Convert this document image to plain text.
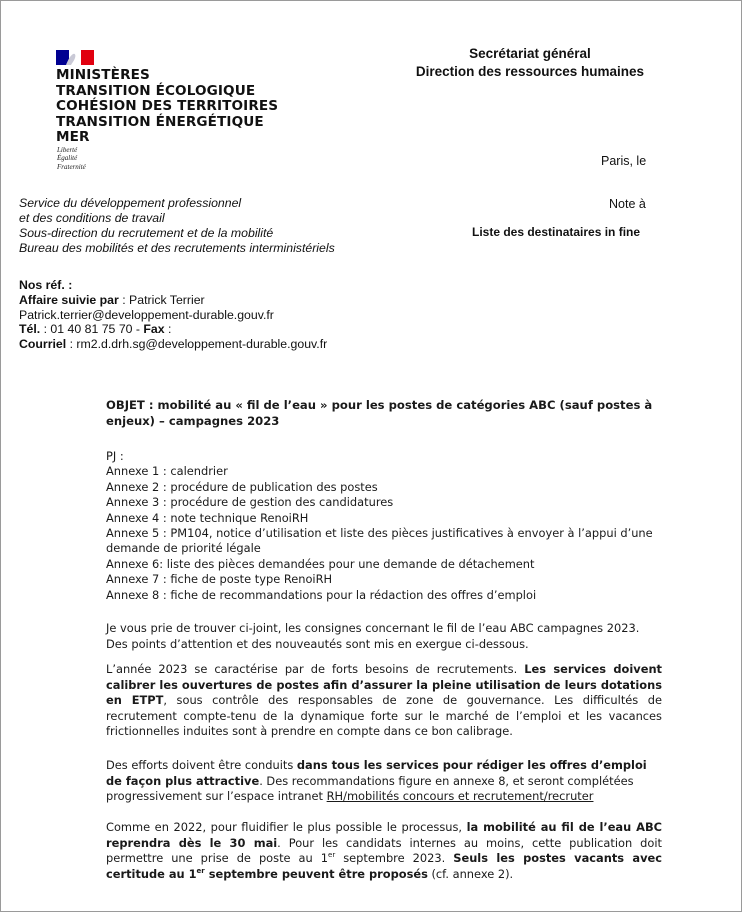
MINISTÈRES
TRANSITION ÉCOLOGIQUE
COHÉSION DES TERRITOIRES
TRANSITION ÉNERGÉTIQUE
MER
Liberté
Égalité
Fraternité
Secrétariat général
Direction des ressources humaines
Paris, le
Note à
Liste des destinataires in fine
Service du développement professionnel
et des conditions de travail
Sous-direction du recrutement et de la mobilité
Bureau des mobilités et des recrutements interministériels
Nos réf. :
Affaire suivie par : Patrick Terrier
Patrick.terrier@developpement-durable.gouv.fr
Tél. : 01 40 81 75 70 - Fax :
Courriel : rm2.d.drh.sg@developpement-durable.gouv.fr
OBJET : mobilité au « fil de l’eau » pour les postes de catégories ABC (sauf postes à enjeux) – campagnes 2023
PJ :
Annexe 1 : calendrier
Annexe 2 : procédure de publication des postes
Annexe 3 : procédure de gestion des candidatures
Annexe 4 : note technique RenoiRH
Annexe 5 : PM104, notice d’utilisation et liste des pièces justificatives à envoyer à l’appui d’une
demande de priorité légale
Annexe 6: liste des pièces demandées pour une demande de détachement
Annexe 7 : fiche de poste type RenoiRH
Annexe 8 : fiche de recommandations pour la rédaction des offres d’emploi
Je vous prie de trouver ci-joint, les consignes concernant le fil de l’eau ABC campagnes 2023. Des points d’attention et des nouveautés sont mis en exergue ci-dessous.
L’année 2023 se caractérise par de forts besoins de recrutements. Les services doivent calibrer les ouvertures de postes afin d’assurer la pleine utilisation de leurs dotations en ETPT, sous contrôle des responsables de zone de gouvernance. Les difficultés de recrutement compte-tenu de la dynamique forte sur le marché de l’emploi et les vacances frictionnelles induites sont à prendre en compte dans ce bon calibrage.
Des efforts doivent être conduits dans tous les services pour rédiger les offres d’emploi de façon plus attractive. Des recommandations figure en annexe 8, et seront complétées progressivement sur l’espace intranet RH/mobilités concours et recrutement/recruter
Comme en 2022, pour fluidifier le plus possible le processus, la mobilité au fil de l’eau ABC reprendra dès le 30 mai. Pour les candidats internes au moins, cette publication doit permettre une prise de poste au 1er septembre 2023. Seuls les postes vacants avec certitude au 1er septembre peuvent être proposés (cf. annexe 2).
